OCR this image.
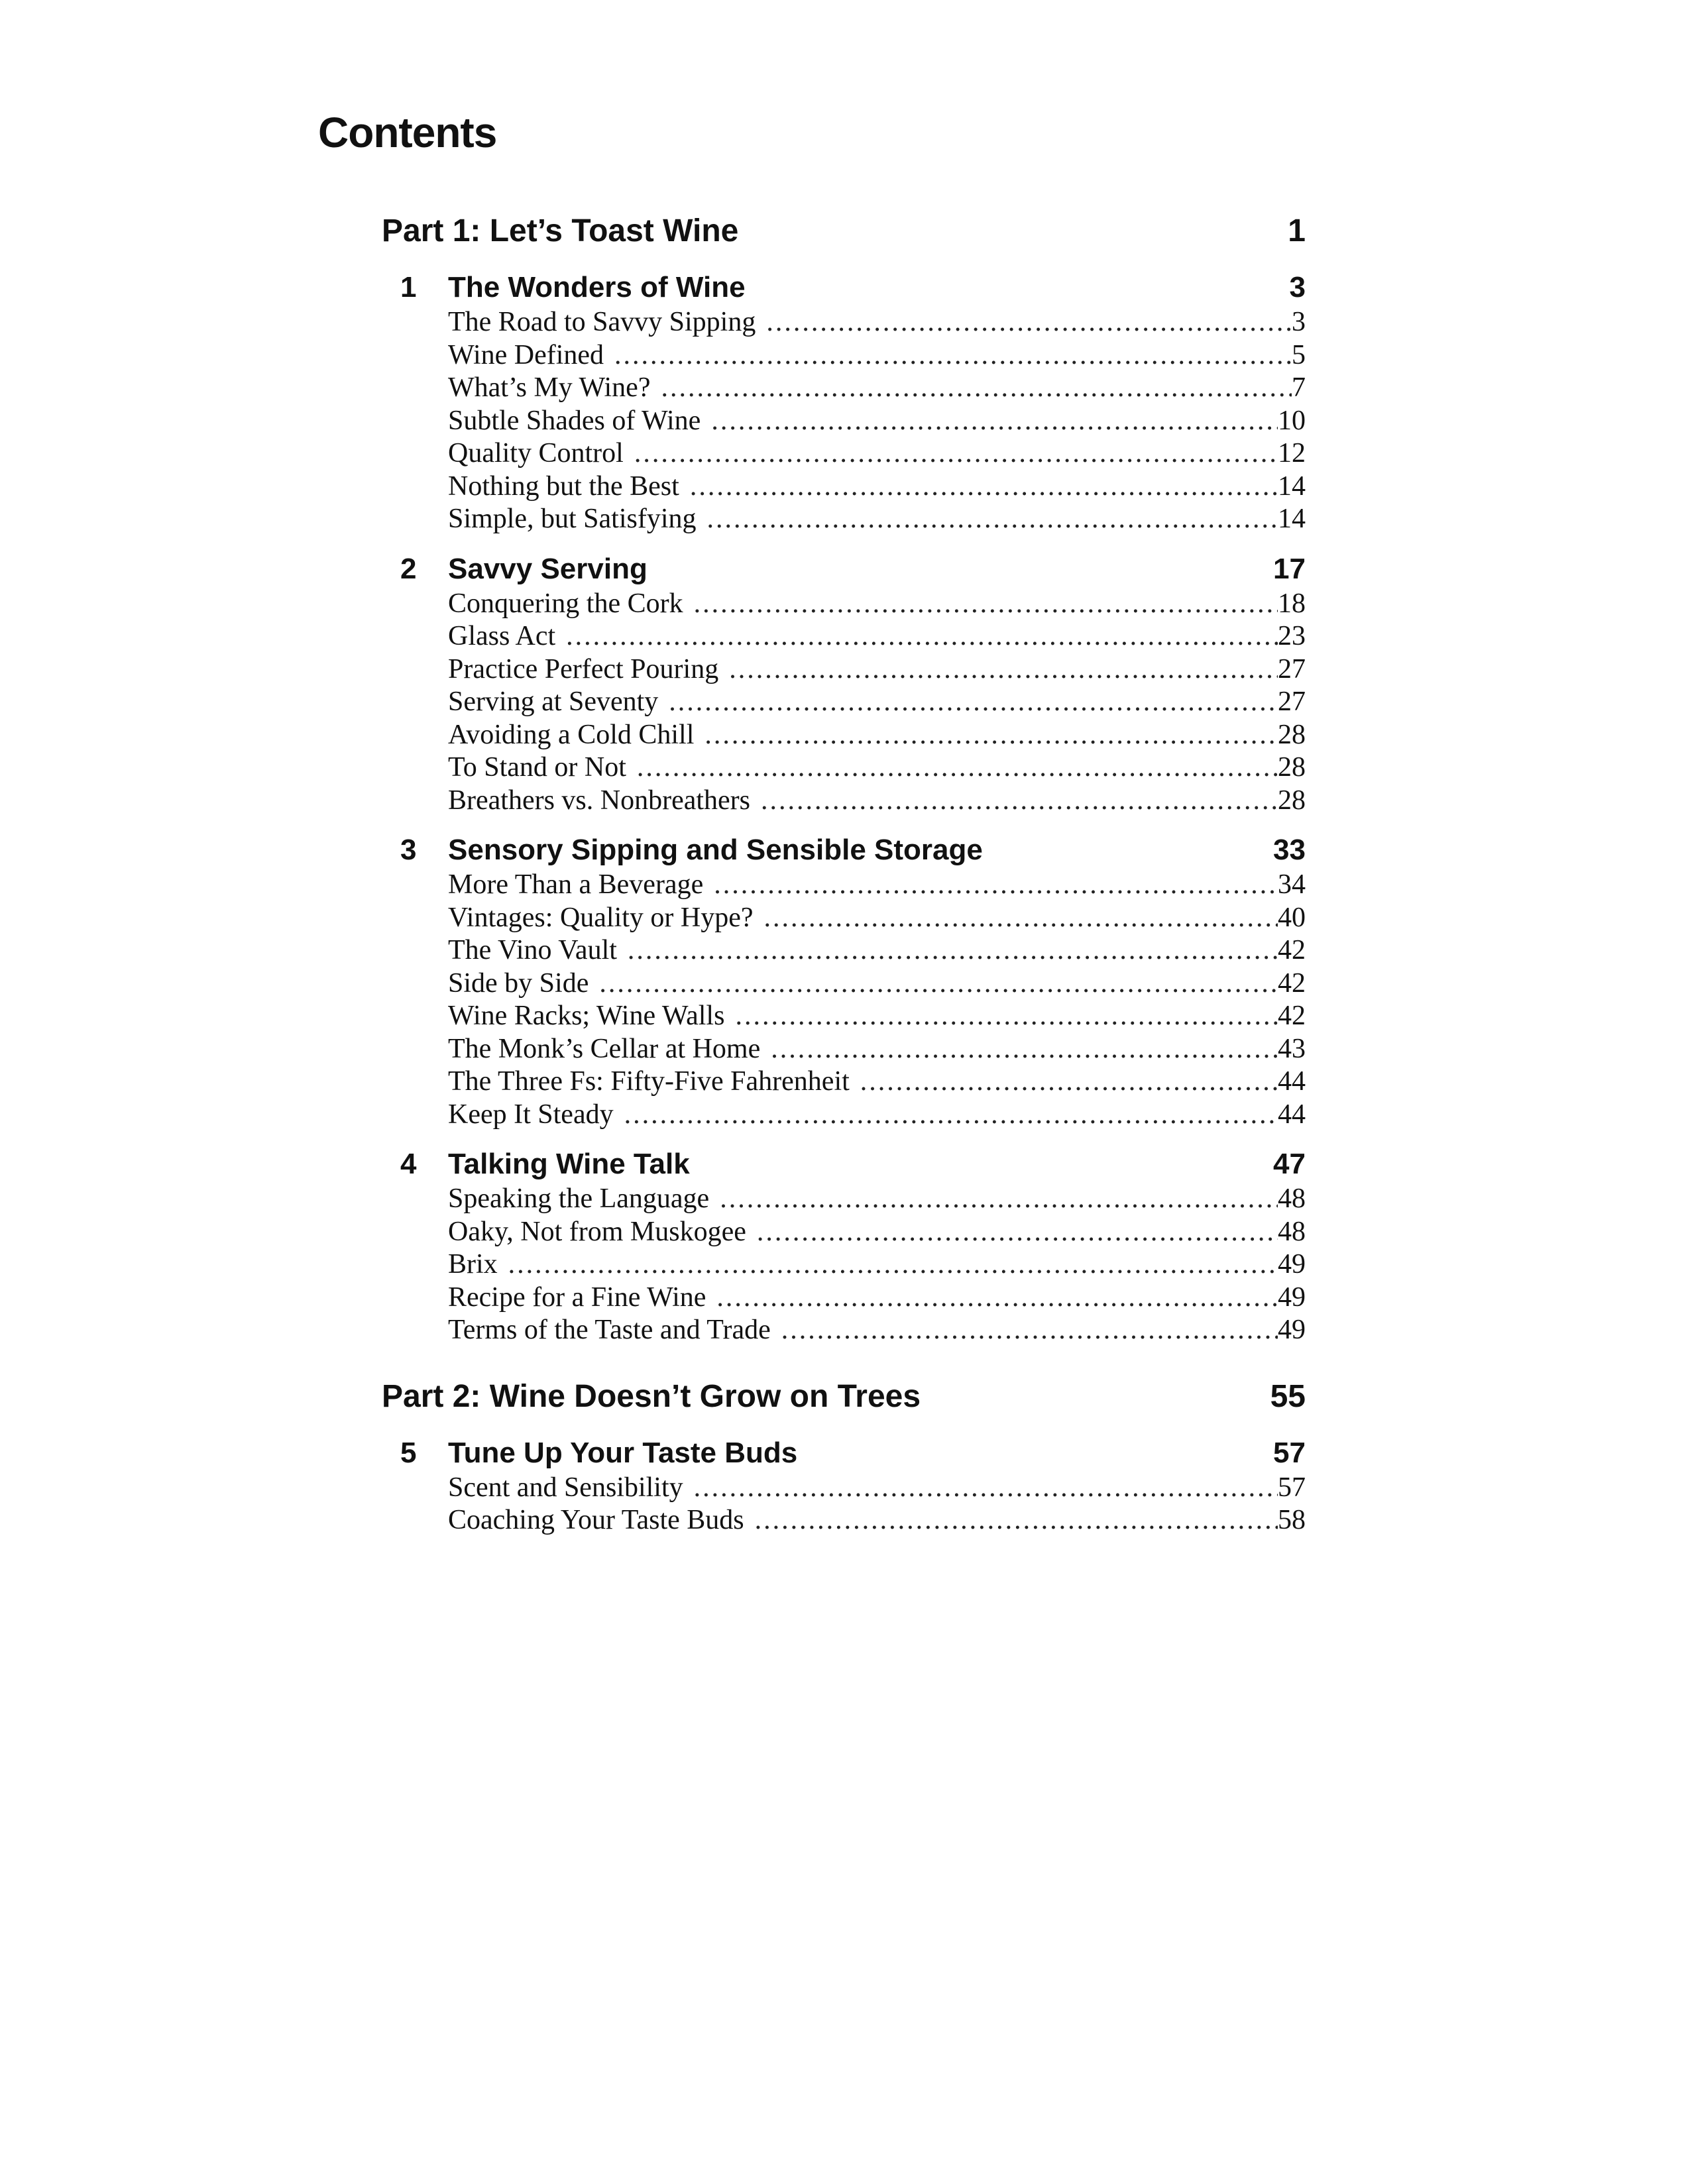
Contents
Part 1: Let’s Toast Wine	1
1	The Wonders of Wine	3
The Road to Savvy Sipping .....	3
Wine Defined .....	5
What’s My Wine? .....	7
Subtle Shades of Wine .....	10
Quality Control .....	12
Nothing but the Best .....	14
Simple, but Satisfying .....	14
2	Savvy Serving	17
Conquering the Cork .....	18
Glass Act .....	23
Practice Perfect Pouring .....	27
Serving at Seventy .....	27
Avoiding a Cold Chill .....	28
To Stand or Not .....	28
Breathers vs. Nonbreathers .....	28
3	Sensory Sipping and Sensible Storage	33
More Than a Beverage .....	34
Vintages: Quality or Hype? .....	40
The Vino Vault .....	42
Side by Side .....	42
Wine Racks; Wine Walls .....	42
The Monk’s Cellar at Home .....	43
The Three Fs: Fifty-Five Fahrenheit .....	44
Keep It Steady .....	44
4	Talking Wine Talk	47
Speaking the Language .....	48
Oaky, Not from Muskogee .....	48
Brix .....	49
Recipe for a Fine Wine .....	49
Terms of the Taste and Trade .....	49
Part 2: Wine Doesn’t Grow on Trees	55
5	Tune Up Your Taste Buds	57
Scent and Sensibility .....	57
Coaching Your Taste Buds .....	58
